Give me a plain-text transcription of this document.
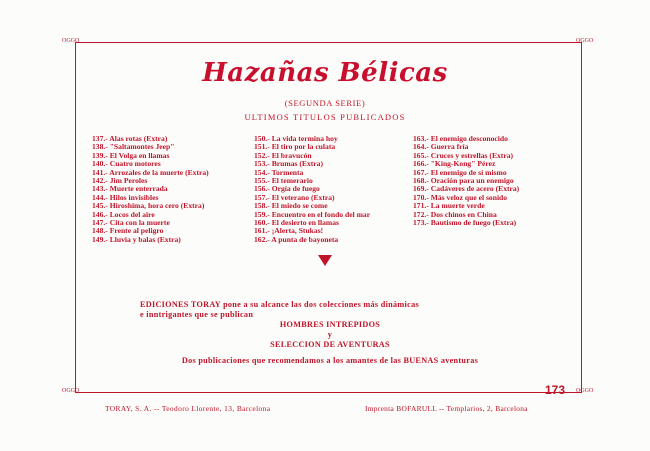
OGGO	OGGO
OGGO	OGGO
Hazañas Bélicas
(SEGUNDA SERIE)
ULTIMOS TITULOS PUBLICADOS
137.- Alas rotas (Extra)
138.- "Saltamontes Jeep"
139.- El Volga en llamas
140.- Cuatro motores
141.- Arrozales de la muerte (Extra)
142.- Jim Peroles
143.- Muerte enterrada
144.- Hilos invisibles
145.- Hiroshima, hora cero (Extra)
146.- Locos del aire
147.- Cita con la muerte
148.- Frente al peligro
149.- Lluvia y balas (Extra)
150.- La vida termina hoy
151.- El tiro por la culata
152.- El bravucón
153.- Brumas (Extra)
154.- Tormenta
155.- El temerario
156.- Orgía de fuego
157.- El veterano (Extra)
158.- El miedo se come
159.- Encuentro en el fondo del mar
160.- El desierto en llamas
161.- ¡Alerta, Stukas!
162.- A punta de bayoneta
163.- El enemigo desconocido
164.- Guerra fría
165.- Cruces y estrellas (Extra)
166.- "King-Kong" Pérez
167.- El enemigo de sí mismo
168.- Oración para un enemigo
169.- Cadáveres de acero (Extra)
170.- Más veloz que el sonido
171.- La muerte verde
172.- Dos chinos en China
173.- Bautismo de fuego (Extra)
EDICIONES TORAY pone a su alcance las dos colecciones más dinámicas
e inntrigantes que se publican
HOMBRES INTREPIDOS
y
SELECCION DE AVENTURAS
Dos publicaciones que recomendamos a los amantes de las BUENAS aventuras
173
TORAY, S. A. -- Teodoro Llorente, 13, Barcelona	Imprenta BOFARULL -- Templarios, 2, Barcelona
